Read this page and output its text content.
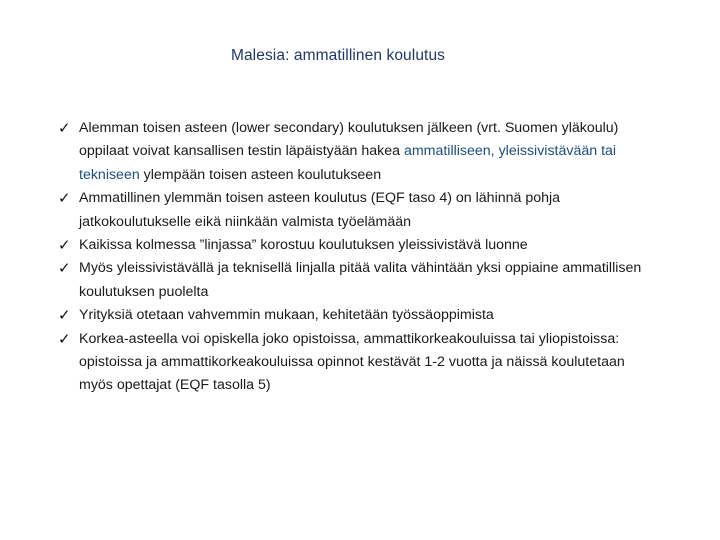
Malesia: ammatillinen koulutus
✓ Alemman toisen asteen (lower secondary) koulutuksen jälkeen (vrt. Suomen yläkoulu) oppilaat voivat kansallisen testin läpäistyään hakea ammatilliseen, yleissivistävään tai tekniseen ylempään toisen asteen koulutukseen
✓ Ammatillinen ylemmän toisen asteen koulutus (EQF taso 4) on lähinnä pohja jatkokoulutukselle eikä niinkään valmista työelämään
✓ Kaikissa kolmessa ”linjassa” korostuu koulutuksen yleissivistävä luonne
✓ Myös yleissivistävällä ja teknisellä linjalla pitää valita vähintään yksi oppiaine ammatillisen koulutuksen puolelta
✓ Yrityksiä otetaan vahvemmin mukaan, kehitetään työssäoppimista
✓ Korkea-asteella voi opiskella joko opistoissa, ammattikorkeakouluissa tai yliopistoissa: opistoissa ja ammattikorkeakouluissa opinnot kestävät 1-2 vuotta ja näissä koulutetaan myös opettajat (EQF tasolla 5)
